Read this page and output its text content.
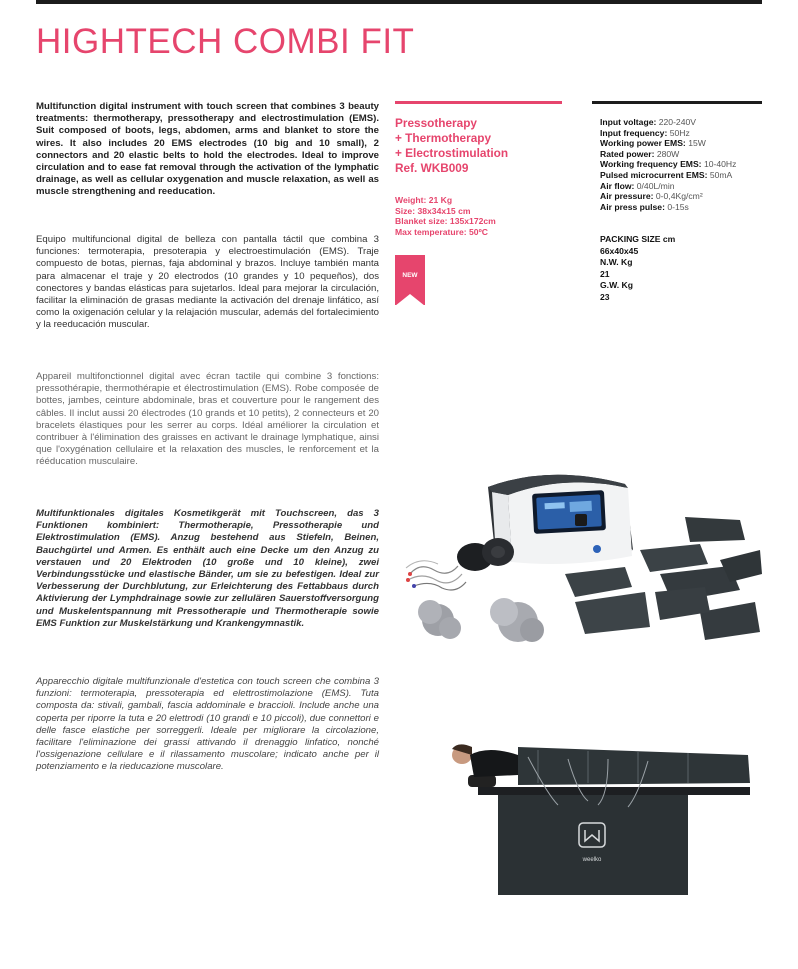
HIGHTECH COMBI FIT
Multifunction digital instrument with touch screen that combines 3 beauty treatments: thermotherapy, pressotherapy and electrostimulation (EMS). Suit composed of boots, legs, abdomen, arms and blanket to store the wires. It also includes 20 EMS electrodes (10 big and 10 small), 2 connectors and 20 elastic belts to hold the electrodes. Ideal to improve circulation and to ease fat removal through the activation of the lymphatic drainage, as well as cellular oxygenation and muscle relaxation, as well as muscle strengthening and reeducation.
Equipo multifuncional digital de belleza con pantalla táctil que combina 3 funciones: termoterapia, presoterapia y electroestimulación (EMS). Traje compuesto de botas, piernas, faja abdominal y brazos. Incluye también manta para almacenar el traje y 20 electrodos (10 grandes y 10 pequeños), dos conectores y bandas elásticas para sujetarlos. Ideal para mejorar la circulación, facilitar la eliminación de grasas mediante la activación del drenaje linfático, así como la oxigenación celular y la relajación muscular, además del fortalecimiento y la reeducación muscular.
Appareil multifonctionnel digital avec écran tactile qui combine 3 fonctions: pressothérapie, thermothérapie et électrostimulation (EMS). Robe composée de bottes, jambes, ceinture abdominale, bras et couverture pour le rangement des câbles. Il inclut aussi 20 électrodes (10 grands et 10 petits), 2 connecteurs et 20 bracelets élastiques pour les serrer au corps. Idéal améliorer la circulation et contribuer à l'élimination des graisses en activant le drainage lymphatique, ainsi que l'oxygénation cellulaire et la relaxation des muscles, le renforcement et la rééducation musculaire.
Multifunktionales digitales Kosmetikgerät mit Touchscreen, das 3 Funktionen kombiniert: Thermotherapie, Pressotherapie und Elektrostimulation (EMS). Anzug bestehend aus Stiefeln, Beinen, Bauchgürtel und Armen. Es enthält auch eine Decke um den Anzug zu verstauen und 20 Elektroden (10 große und 10 kleine), zwei Verbindungsstücke und elastische Bänder, um sie zu befestigen. Ideal zur Verbesserung der Durchblutung, zur Erleichterung des Fettabbaus durch Aktivierung der Lymphdrainage sowie zur zellulären Sauerstoffversorgung und Muskelentspannung mit Pressotherapie und Thermotherapie sowie EMS Funktion zur Muskelstärkung und Krankengymnastik.
Apparecchio digitale multifunzionale d'estetica con touch screen che combina 3 funzioni: termoterapia, pressoterapia ed elettrostimolazione (EMS). Tuta composta da: stivali, gambali, fascia addominale e braccioli. Include anche una coperta per riporre la tuta e 20 elettrodi (10 grandi e 10 piccoli), due connettori e delle fasce elastiche per sorreggerli. Ideale per migliorare la circolazione, facilitare l'eliminazione dei grassi attivando il drenaggio linfatico, nonché l'ossigenazione cellulare e il rilassamento muscolare; indicato anche per il potenziamento e la rieducazione muscolare.
Pressotherapy
+ Thermotherapy
+ Electrostimulation
Ref. WKB009
Weight: 21 Kg
Size: 38x34x15 cm
Blanket size: 135x172cm
Max temperature: 50ºC
NEW
Input voltage: 220-240V
Input frequency: 50Hz
Working power EMS: 15W
Rated power: 280W
Working frequency EMS: 10-40Hz
Pulsed microcurrent EMS: 50mA
Air flow: 0/40L/min
Air pressure: 0-0,4Kg/cm²
Air press pulse: 0-15s
PACKING SIZE cm
66x40x45
N.W. Kg
21
G.W. Kg
23
weelko
